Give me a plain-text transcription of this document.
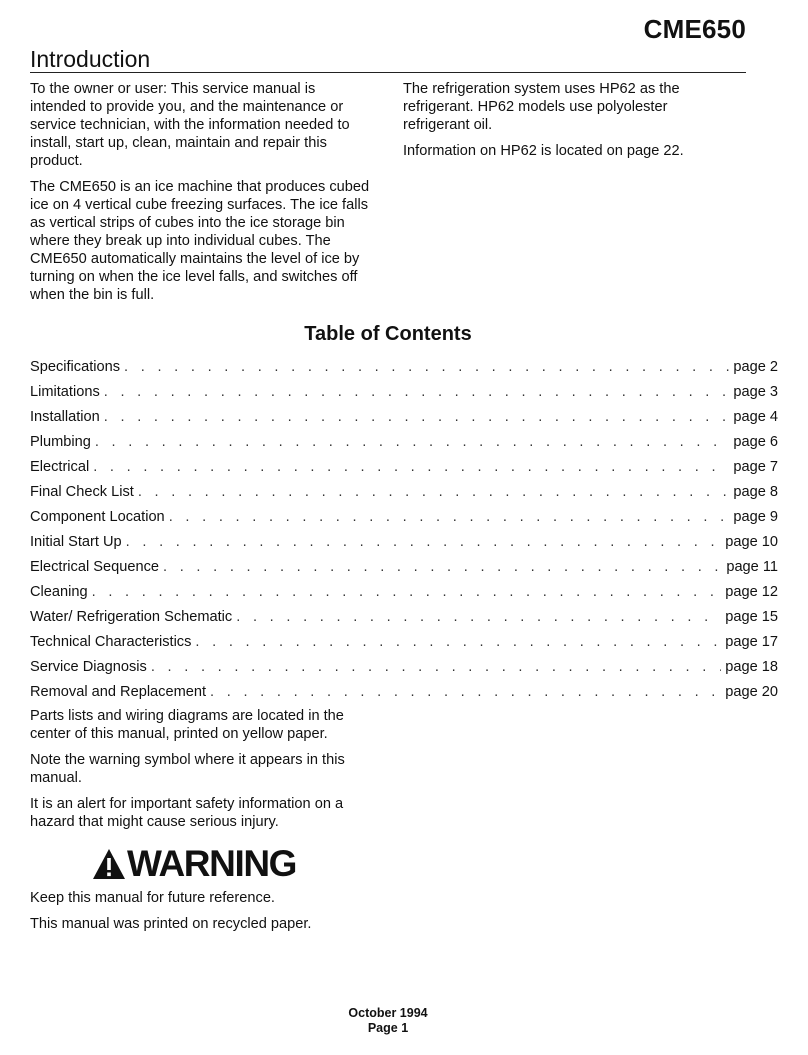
CME650
Introduction

To the owner or user: This service manual is intended to provide you, and the maintenance or service technician, with the information needed to install, start up, clean, maintain and repair this product.

The CME650 is an ice machine that produces cubed ice on 4 vertical cube freezing surfaces. The ice falls as vertical strips of cubes into the ice storage bin where they break up into individual cubes. The CME650 automatically maintains the level of ice by turning on when the ice level falls, and switches off when the bin is full.

The refrigeration system uses HP62 as the refrigerant. HP62 models use polyolester refrigerant oil.

Information on HP62 is located on page 22.

Table of Contents
Specifications . . .	page 2
Limitations . . .	page 3
Installation . . .	page 4
Plumbing . . .	page 6
Electrical . . .	page 7
Final Check List . . .	page 8
Component Location . . .	page 9
Initial Start Up . . .	page 10
Electrical Sequence . . .	page 11
Cleaning . . .	page 12
Water/ Refrigeration Schematic . . .	page 15
Technical Characteristics . . .	page 17
Service Diagnosis . . .	page 18
Removal and Replacement . . .	page 20

Parts lists and wiring diagrams are located in the center of this manual, printed on yellow paper.

Note the warning symbol where it appears in this manual.

It is an alert for important safety information on a hazard that might cause serious injury.

WARNING

Keep this manual for future reference.

This manual was printed on recycled paper.

October 1994
Page 1
